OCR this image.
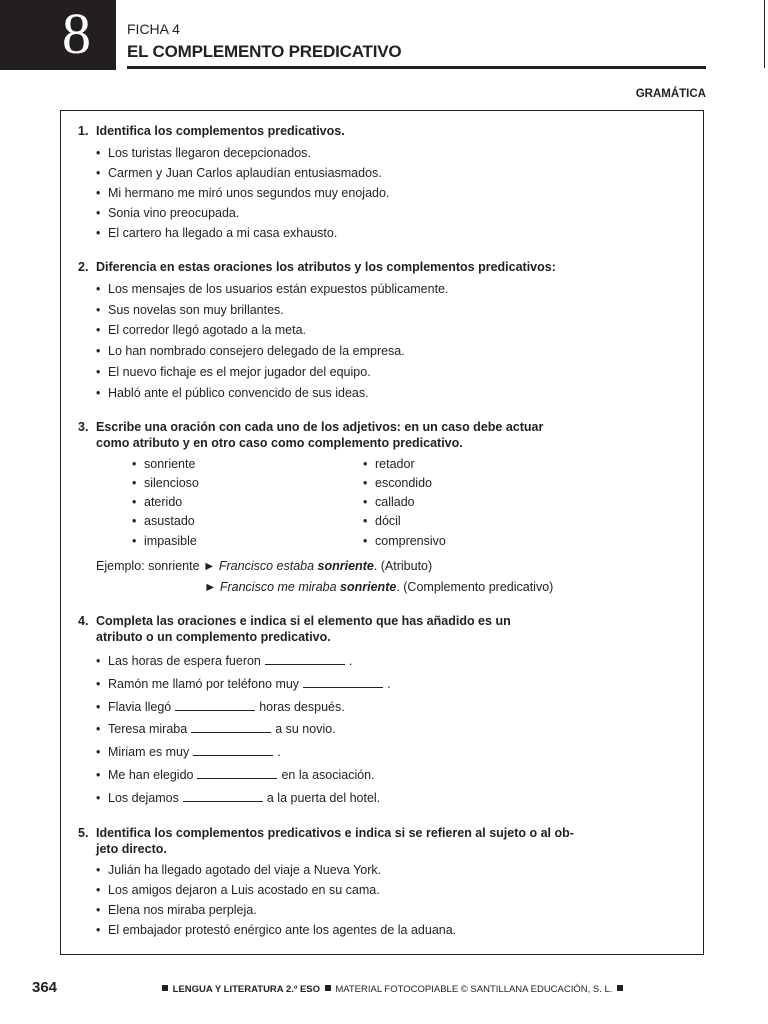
8	FICHA 4
EL COMPLEMENTO PREDICATIVO
GRAMÁTICA
1. Identifica los complementos predicativos.
• Los turistas llegaron decepcionados.
• Carmen y Juan Carlos aplaudían entusiasmados.
• Mi hermano me miró unos segundos muy enojado.
• Sonia vino preocupada.
• El cartero ha llegado a mi casa exhausto.
2. Diferencia en estas oraciones los atributos y los complementos predicativos:
• Los mensajes de los usuarios están expuestos públicamente.
• Sus novelas son muy brillantes.
• El corredor llegó agotado a la meta.
• Lo han nombrado consejero delegado de la empresa.
• El nuevo fichaje es el mejor jugador del equipo.
• Habló ante el público convencido de sus ideas.
3. Escribe una oración con cada uno de los adjetivos: en un caso debe actuar como atributo y en otro caso como complemento predicativo.
• sonriente
• silencioso
• aterido
• asustado
• impasible
• retador
• escondido
• callado
• dócil
• comprensivo
Ejemplo: sonriente ► Francisco estaba sonriente. (Atributo)
► Francisco me miraba sonriente. (Complemento predicativo)
4. Completa las oraciones e indica si el elemento que has añadido es un atributo o un complemento predicativo.
• Las horas de espera fueron	.
• Ramón me llamó por teléfono muy	.
• Flavia llegó	horas después.
• Teresa miraba	a su novio.
• Miriam es muy	.
• Me han elegido	en la asociación.
• Los dejamos	a la puerta del hotel.
5. Identifica los complementos predicativos e indica si se refieren al sujeto o al ob-
jeto directo.
• Julián ha llegado agotado del viaje a Nueva York.
• Los amigos dejaron a Luis acostado en su cama.
• Elena nos miraba perpleja.
• El embajador protestó enérgico ante los agentes de la aduana.
364	LENGUA Y LITERATURA 2.º ESO MATERIAL FOTOCOPIABLE © SANTILLANA EDUCACIÓN, S. L.
